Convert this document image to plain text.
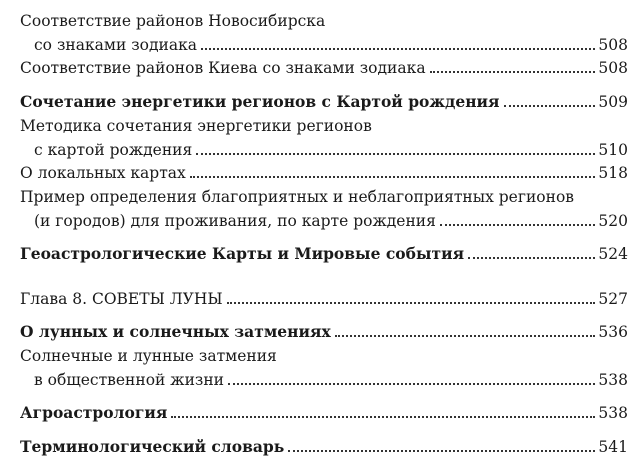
Соответствие районов Новосибирска
со знаками зодиака	508
Соответствие районов Киева со знаками зодиака	508
Сочетание энергетики регионов с Картой рождения	509
Методика сочетания энергетики регионов
с картой рождения	510
О локальных картах	518
Пример определения благоприятных и неблагоприятных регионов
(и городов) для проживания, по карте рождения	520
Геоастрологические Карты и Мировые события	524
Глава 8. СОВЕТЫ ЛУНЫ	527
О лунных и солнечных затмениях	536
Солнечные и лунные затмения
в общественной жизни	538
Агроастрология	538
Терминологический словарь	541
